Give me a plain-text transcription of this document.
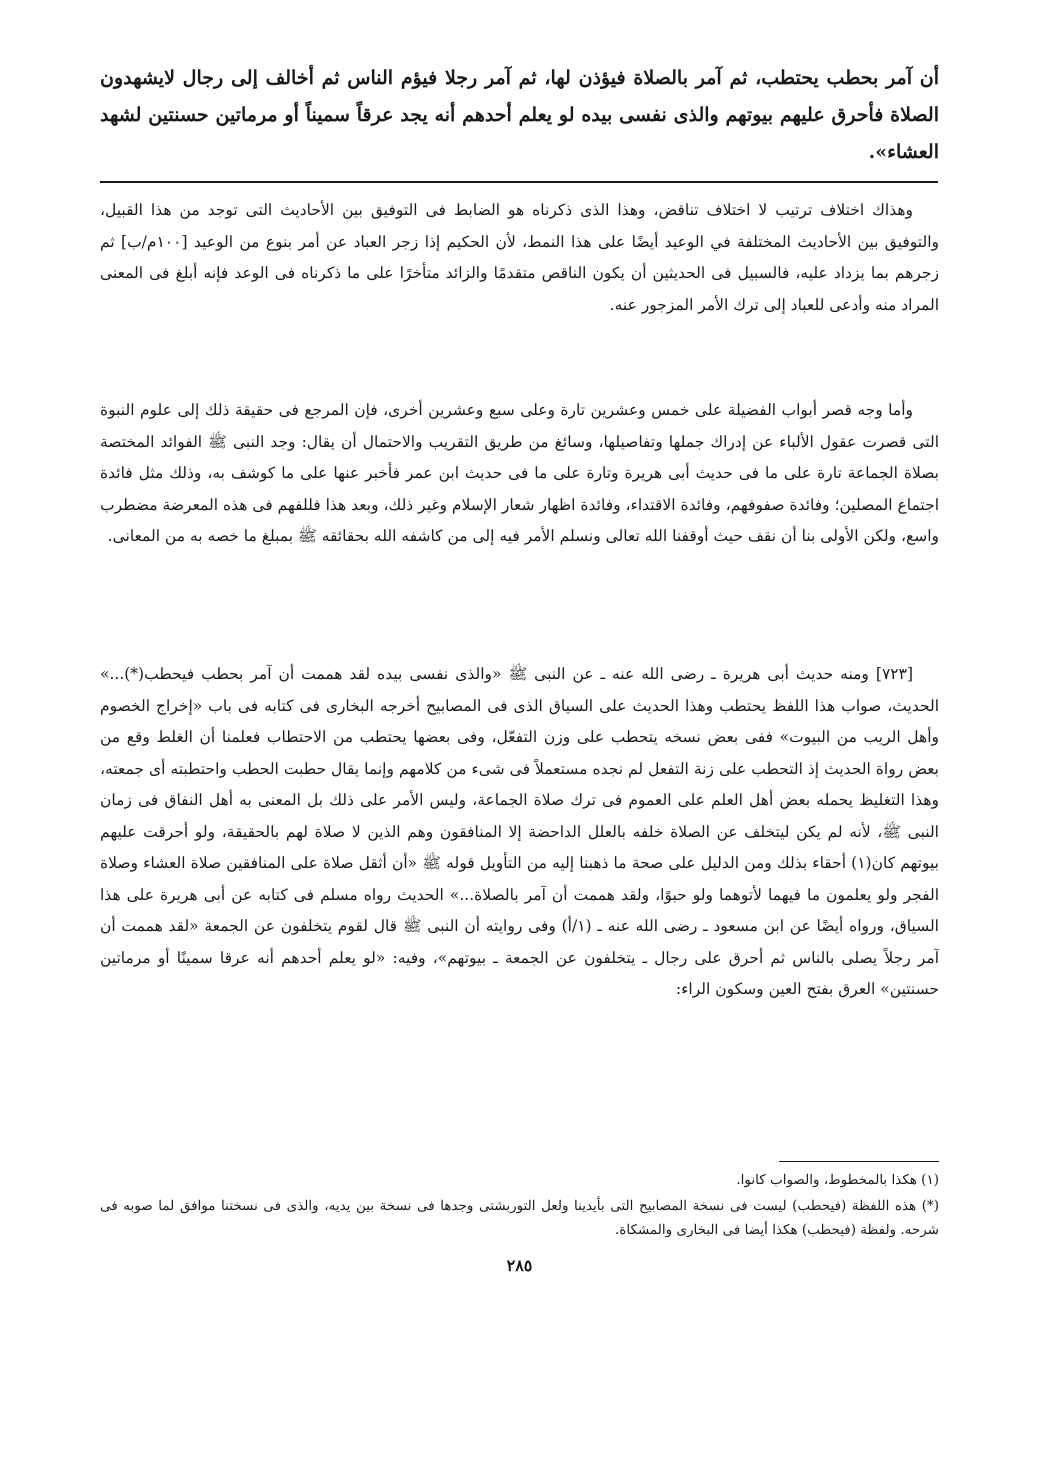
أن آمر بحطب يحتطب، ثم آمر بالصلاة فيؤذن لها، ثم آمر رجلا فيؤم الناس ثم أخالف إلى رجال لايشهدون الصلاة فأحرق عليهم بيوتهم والذى نفسى بيده لو يعلم أحدهم أنه يجد عرقاً سميناً أو مرماتين حسنتين لشهد العشاء».

وهذاك اختلاف ترتيب لا اختلاف تناقض، وهذا الذى ذكرناه هو الضابط فى التوفيق بين الأحاديث التى توجد من هذا القبيل، والتوفيق بين الأحاديث المختلفة في الوعيد أيضًا على هذا النمط، لأن الحكيم إذا زجر العباد عن أمر بنوع من الوعيد [١٠٠م/ب] ثم زجرهم بما يزداد عليه، فالسبيل فى الحديثين أن يكون الناقص متقدمًا والزائد متأخرًا على ما ذكرناه فى الوعد فإنه أبلغ فى المعنى المراد منه وأدعى للعباد إلى ترك الأمر المزجور عنه.

وأما وجه قصر أبواب الفضيلة على خمس وعشرين تارة وعلى سبع وعشرين أخرى، فإن المرجع فى حقيقة ذلك إلى علوم النبوة التى قصرت عقول الألباء عن إدراك جملها وتفاصيلها، وسائغ من طريق التقريب والاحتمال أن يقال: وجد النبى ﷺ الفوائد المختصة بصلاة الجماعة تارة على ما فى حديث أبى هريرة وتارة على ما فى حديث ابن عمر فأخبر عنها على ما كوشف به، وذلك مثل فائدة اجتماع المصلين؛ وفائدة صفوفهم، وفائدة الاقتداء، وفائدة اظهار شعار الإسلام وغير ذلك، وبعد هذا فللفهم فى هذه المعرضة مضطرب واسع، ولكن الأولى بنا أن نقف حيث أوقفنا الله تعالى ونسلم الأمر فيه إلى من كاشفه الله بحقائقه ﷺ بمبلغ ما خصه به من المعانى.

[٧٢٣] ومنه حديث أبى هريرة ـ رضى الله عنه ـ عن النبى ﷺ «والذى نفسى بيده لقد هممت أن آمر بحطب فيحطب(*)...» الحديث، صواب هذا اللفظ يحتطب وهذا الحديث على السياق الذى فى المصابيح أخرجه البخارى فى كتابه فى باب «إخراج الخصوم وأهل الريب من البيوت» ففى بعض نسخه يتحطب على وزن التفعّل، وفى بعضها يحتطب من الاحتطاب فعلمنا أن الغلط وقع من بعض رواة الحديث إذ التحطب على زنة التفعل لم نجده مستعملاً فى شىء من كلامهم وإنما يقال حطبت الحطب واحتطبته أى جمعته، وهذا التغليظ يحمله بعض أهل العلم على العموم فى ترك صلاة الجماعة، وليس الأمر على ذلك بل المعنى به أهل النفاق فى زمان النبى ﷺ، لأنه لم يكن ليتخلف عن الصلاة خلفه بالعلل الداحضة إلا المنافقون وهم الذين لا صلاة لهم بالحقيقة، ولو أحرقت عليهم بيوتهم كان(١) أحقاء بذلك ومن الدليل على صحة ما ذهبنا إليه من التأويل قوله ﷺ «أن أثقل صلاة على المنافقين صلاة العشاء وصلاة الفجر ولو يعلمون ما فيهما لأتوهما ولو حبوًا، ولقد هممت أن آمر بالصلاة...» الحديث رواه مسلم فى كتابه عن أبى هريرة على هذا السياق، ورواه أيضًا عن ابن مسعود ـ رضى الله عنه ـ (١/أ) وفى روايته أن النبى ﷺ قال لقوم يتخلفون عن الجمعة «لقد هممت أن آمر رجلاً يصلى بالناس ثم أحرق على رجال ـ يتخلفون عن الجمعة ـ بيوتهم»، وفيه: «لو يعلم أحدهم أنه عرقا سمينًا أو مرماتين حسنتين» العرق بفتح العين وسكون الراء:

(١) هكذا بالمخطوط، والصواب كانوا.

(*) هذه اللفظة (فيحطب) ليست فى نسخة المصابيح التى بأيدينا ولعل التوربشتى وجدها فى نسخة بين يديه، والذى فى نسختنا موافق لما صوبه فى شرحه. ولفظة (فيحطب) هكذا أيضا فى البخارى والمشكاة.

٢٨٥
